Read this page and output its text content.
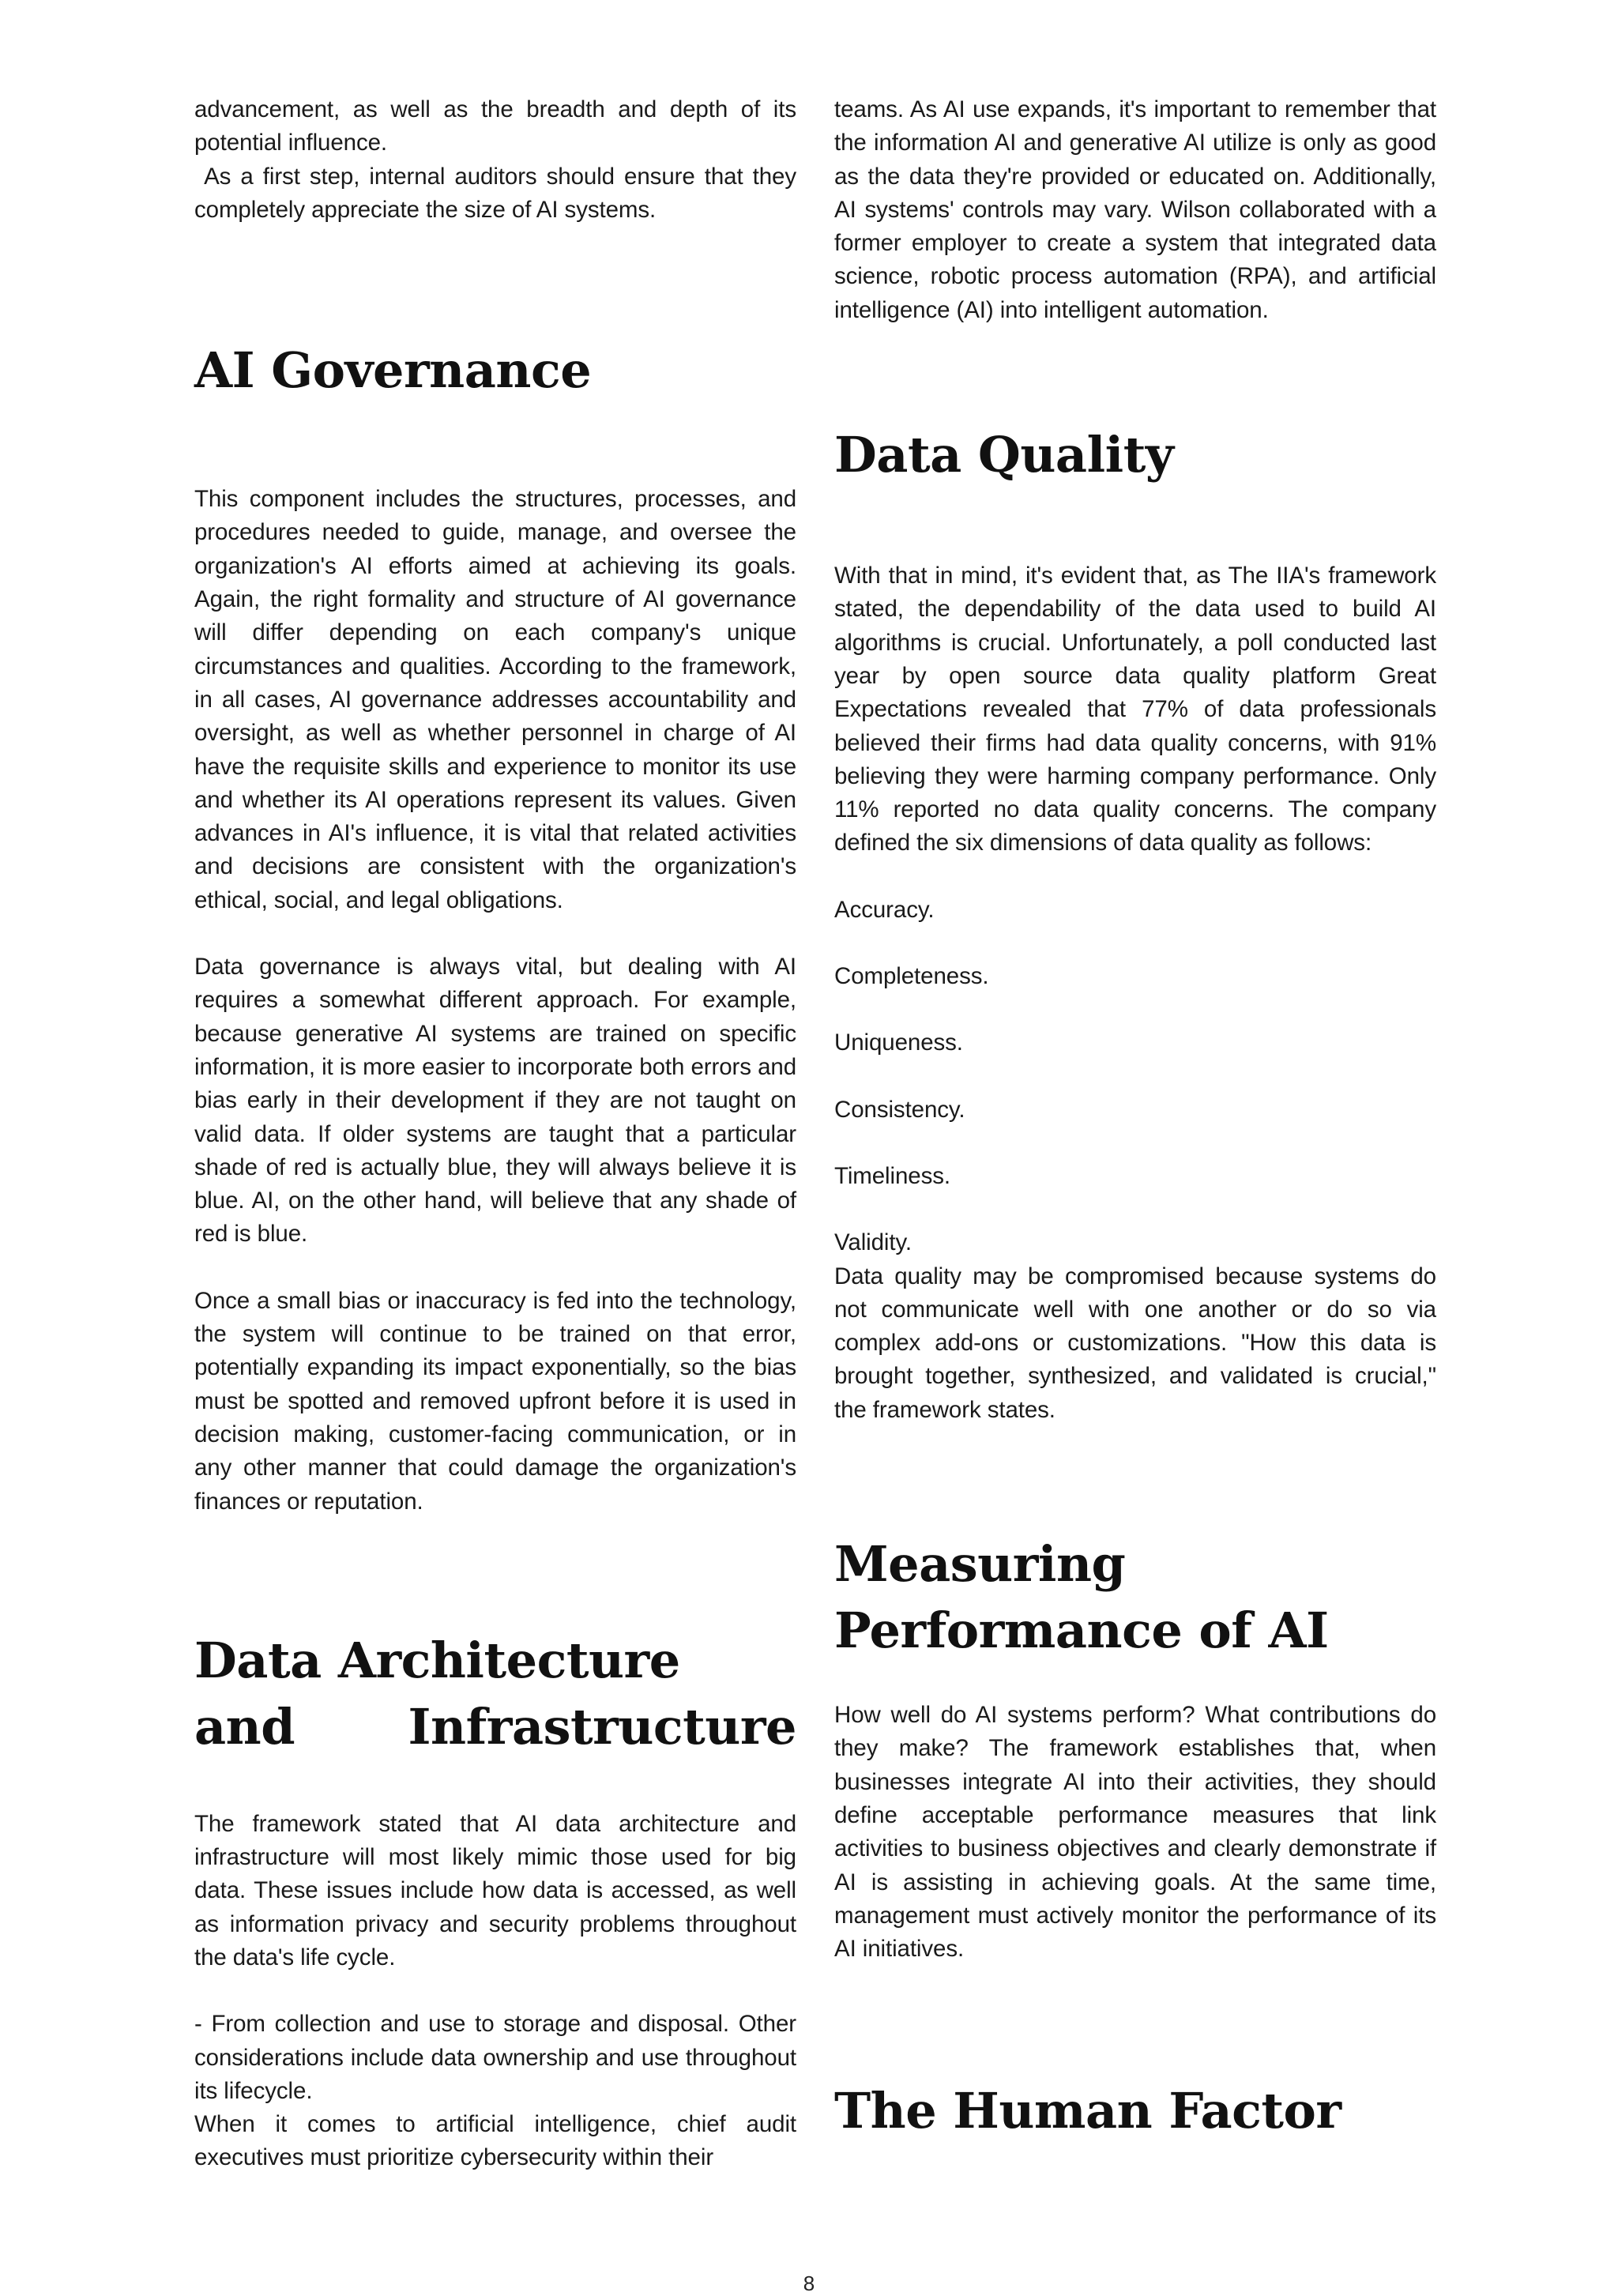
advancement, as well as the breadth and depth of its potential influence.

As a first step, internal auditors should ensure that they completely appreciate the size of AI systems.

AI Governance

This component includes the structures, processes, and procedures needed to guide, manage, and oversee the organization's AI efforts aimed at achieving its goals. Again, the right formality and structure of AI governance will differ depending on each company's unique circumstances and qualities. According to the framework, in all cases, AI governance addresses accountability and oversight, as well as whether personnel in charge of AI have the requisite skills and experience to monitor its use and whether its AI operations represent its values. Given advances in AI's influence, it is vital that related activities and decisions are consistent with the organization's ethical, social, and legal obligations.

Data governance is always vital, but dealing with AI requires a somewhat different approach. For example, because generative AI systems are trained on specific information, it is more easier to incorporate both errors and bias early in their development if they are not taught on valid data. If older systems are taught that a particular shade of red is actually blue, they will always believe it is blue. AI, on the other hand, will believe that any shade of red is blue.

Once a small bias or inaccuracy is fed into the technology, the system will continue to be trained on that error, potentially expanding its impact exponentially, so the bias must be spotted and removed upfront before it is used in decision making, customer-facing communication, or in any other manner that could damage the organization's finances or reputation.

Data Architecture and Infrastructure

The framework stated that AI data architecture and infrastructure will most likely mimic those used for big data. These issues include how data is accessed, as well as information privacy and security problems throughout the data's life cycle.

- From collection and use to storage and disposal. Other considerations include data ownership and use throughout its lifecycle.

When it comes to artificial intelligence, chief audit executives must prioritize cybersecurity within their

teams. As AI use expands, it's important to remember that the information AI and generative AI utilize is only as good as the data they're provided or educated on. Additionally, AI systems' controls may vary. Wilson collaborated with a former employer to create a system that integrated data science, robotic process automation (RPA), and artificial intelligence (AI) into intelligent automation.

Data Quality

With that in mind, it's evident that, as The IIA's framework stated, the dependability of the data used to build AI algorithms is crucial. Unfortunately, a poll conducted last year by open source data quality platform Great Expectations revealed that 77% of data professionals believed their firms had data quality concerns, with 91% believing they were harming company performance. Only 11% reported no data quality concerns. The company defined the six dimensions of data quality as follows:

Accuracy.

Completeness.

Uniqueness.

Consistency.

Timeliness.

Validity.

Data quality may be compromised because systems do not communicate well with one another or do so via complex add-ons or customizations. "How this data is brought together, synthesized, and validated is crucial," the framework states.

Measuring
Performance of AI

How well do AI systems perform? What contributions do they make? The framework establishes that, when businesses integrate AI into their activities, they should define acceptable performance measures that link activities to business objectives and clearly demonstrate if AI is assisting in achieving goals. At the same time, management must actively monitor the performance of its AI initiatives.

The Human Factor
8
